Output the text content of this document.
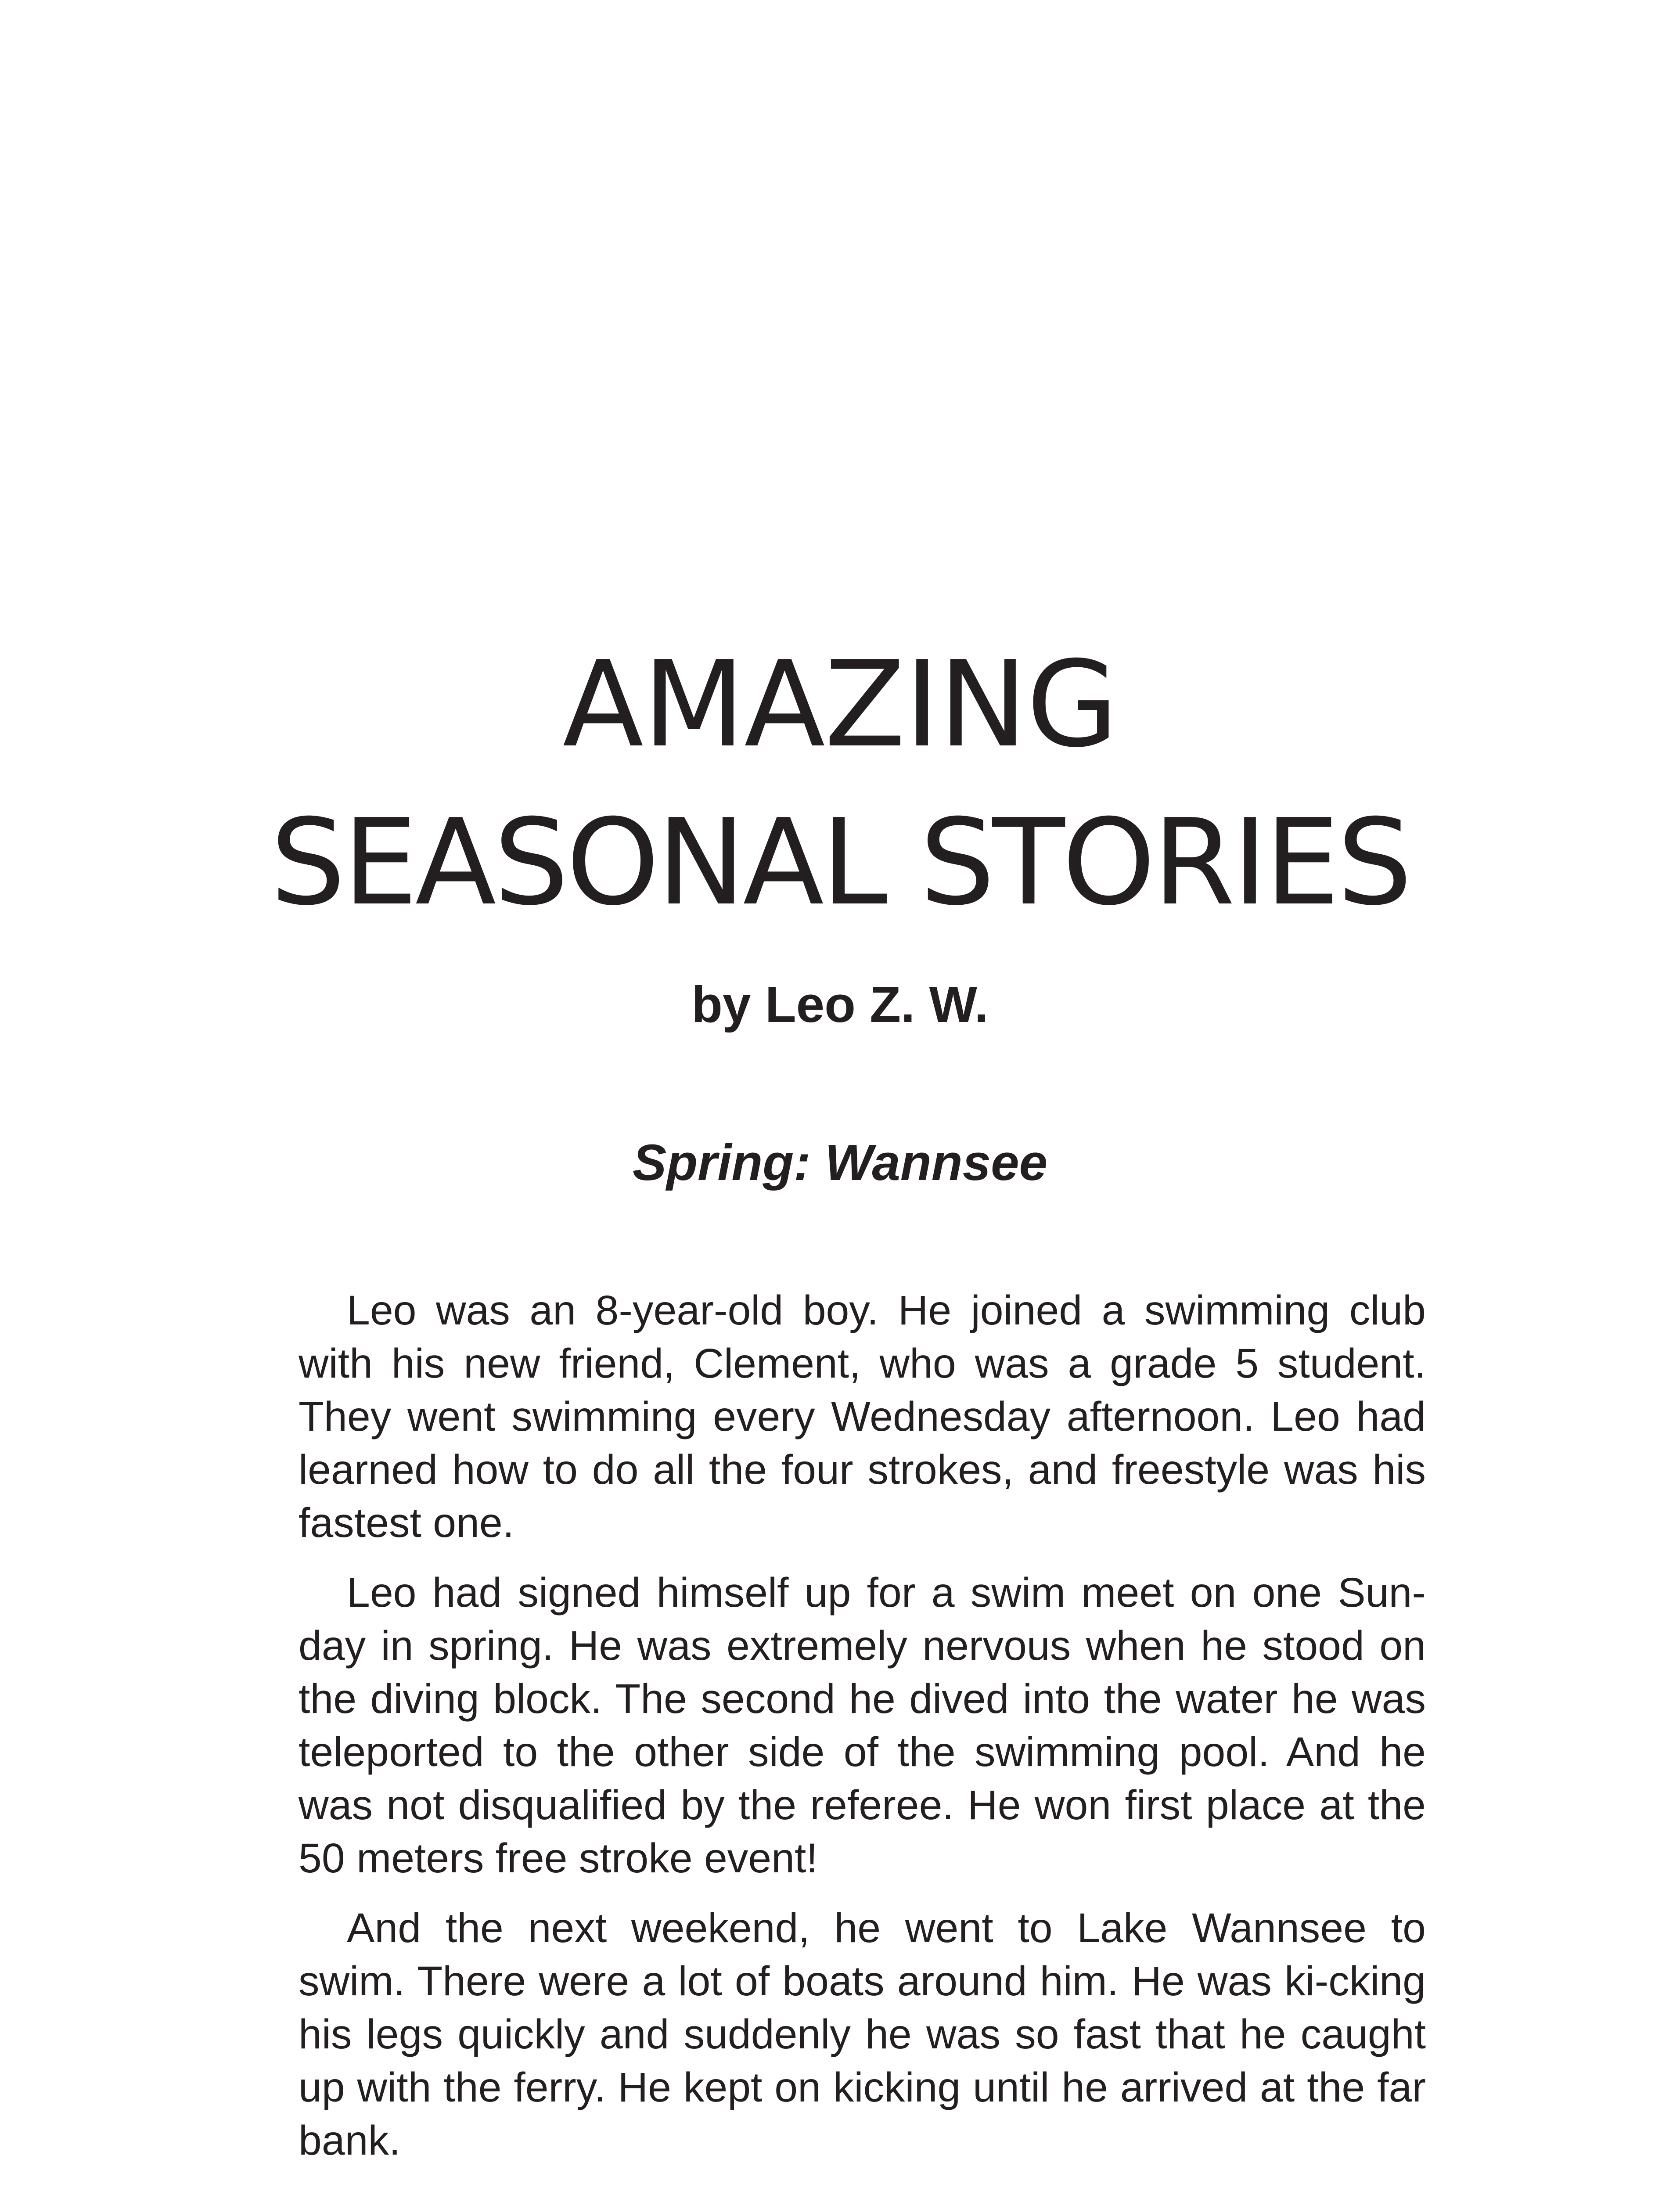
AMAZING
SEASONAL STORIES
by Leo Z. W.
Spring: Wannsee

Leo was an 8-year-old boy. He joined a swimming club with his new friend, Clement, who was a grade 5 student. They went swimming every Wednesday afternoon. Leo had learned how to do all the four strokes, and freestyle was his fastest one.

Leo had signed himself up for a swim meet on one Sun-day in spring. He was extremely nervous when he stood on the diving block. The second he dived into the water he was teleported to the other side of the swimming pool. And he was not disqualified by the referee. He won first place at the 50 meters free stroke event!

And the next weekend, he went to Lake Wannsee to swim. There were a lot of boats around him. He was ki-cking his legs quickly and suddenly he was so fast that he caught up with the ferry. He kept on kicking until he arrived at the far bank.
